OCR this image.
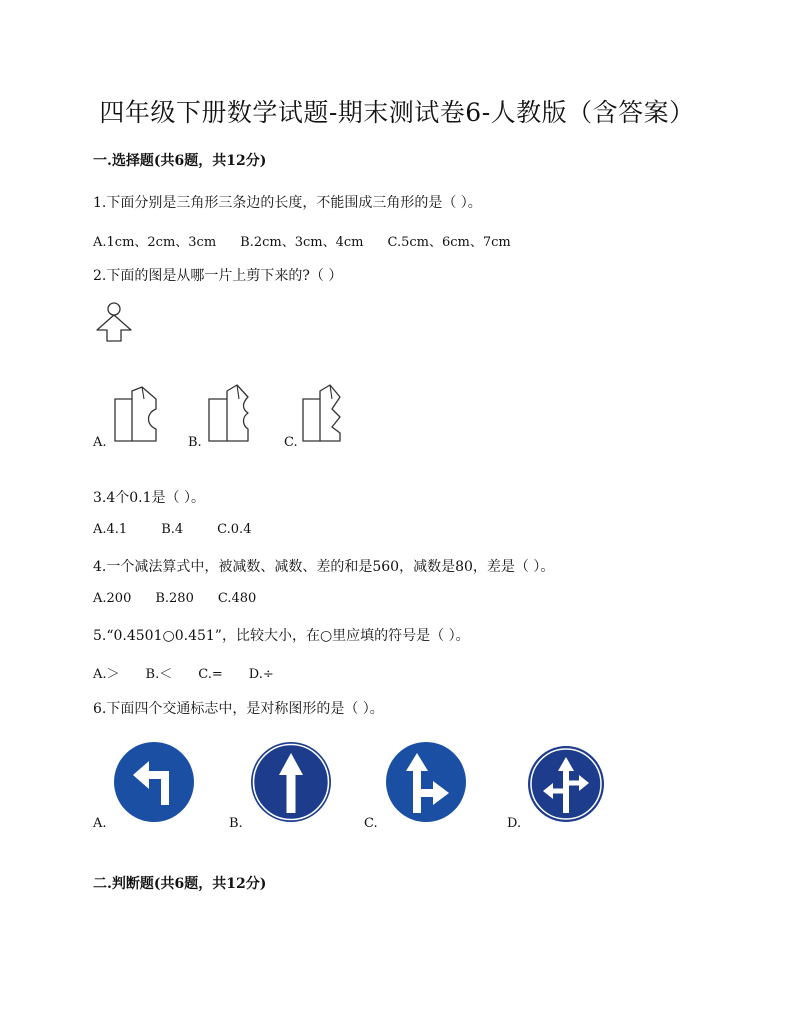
四年级下册数学试题-期末测试卷6-人教版（含答案）
一.选择题(共6题，共12分)
1.下面分别是三角形三条边的长度，不能围成三角形的是（ ）。
A.1cm、2cm、3cm B.2cm、3cm、4cm C.5cm、6cm、7cm
2.下面的图是从哪一片上剪下来的?（ ）
A.	B.	C.
3.4个0.1是（ ）。
A.4.1	B.4	C.0.4
4.一个减法算式中，被减数、减数、差的和是560，减数是80，差是（ ）。
A.200 B.280 C.480
5.“0.4501○0.451”，比较大小，在○里应填的符号是（ ）。
A.＞ B.＜ C.= D.÷
6.下面四个交通标志中，是对称图形的是（ ）。
A.	B.	C.	D.
二.判断题(共6题，共12分)
